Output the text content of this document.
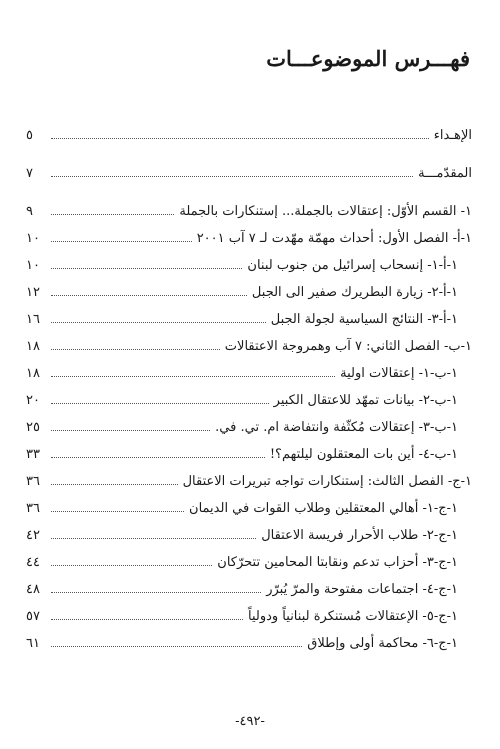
فهـــرس الموضوعـــات
الإهـداء
٥
المقدّمـــة
٧
١- القسم الأوّل: إعتقالات بالجملة... إستنكارات بالجملة
٩
١-أ- الفصل الأول: أحداث مهمّة مهّدت لـ ٧ آب ٢٠٠١
١٠
١-أ-١- إنسحاب إسرائيل من جنوب لبنان
١٠
١-أ-٢- زيارة البطريرك صفير الى الجبل
١٢
١-أ-٣- النتائج السياسية لجولة الجبل
١٦
١-ب- الفصل الثاني: ٧ آب وهمروجة الاعتقالات
١٨
١-ب-١- إعتقالات اولية
١٨
١-ب-٢- بيانات تمهّد للاعتقال الكبير
٢٠
١-ب-٣- إعتقالات مُكثّفة وانتفاضة ام. تي. في.
٢٥
١-ب-٤- أين بات المعتقلون ليلتهم؟!
٣٣
١-ج- الفصل الثالث: إستنكارات تواجه تبريرات الاعتقال
٣٦
١-ج-١- أهالي المعتقلين وطلاب القوات في الديمان
٣٦
١-ج-٢- طلاب الأحرار فريسة الاعتقال
٤٢
١-ج-٣- أحزاب تدعم ونقابتا المحامين تتحرّكان
٤٤
١-ج-٤- اجتماعات مفتوحة والمرّ يُبرّر
٤٨
١-ج-٥- الإعتقالات مُستنكرة لبنانياً ودولياً
٥٧
١-ج-٦- محاكمة أولى وإطلاق
٦١
-٤٩٢-
